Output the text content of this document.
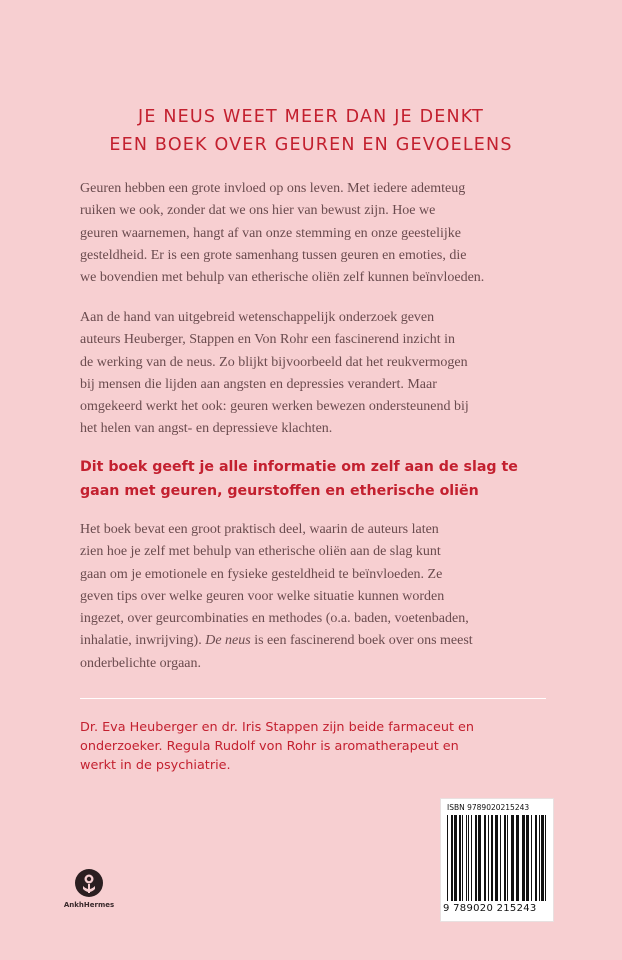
JE NEUS WEET MEER DAN JE DENKT
EEN BOEK OVER GEUREN EN GEVOELENS
Geuren hebben een grote invloed op ons leven. Met iedere ademteug
ruiken we ook, zonder dat we ons hier van bewust zijn. Hoe we
geuren waarnemen, hangt af van onze stemming en onze geestelijke
gesteldheid. Er is een grote samenhang tussen geuren en emoties, die
we bovendien met behulp van etherische oliën zelf kunnen beïnvloeden.
Aan de hand van uitgebreid wetenschappelijk onderzoek geven
auteurs Heuberger, Stappen en Von Rohr een fascinerend inzicht in
de werking van de neus. Zo blijkt bijvoorbeeld dat het reukvermogen
bij mensen die lijden aan angsten en depressies verandert. Maar
omgekeerd werkt het ook: geuren werken bewezen ondersteunend bij
het helen van angst- en depressieve klachten.
Dit boek geeft je alle informatie om zelf aan de slag te
gaan met geuren, geurstoffen en etherische oliën
Het boek bevat een groot praktisch deel, waarin de auteurs laten
zien hoe je zelf met behulp van etherische oliën aan de slag kunt
gaan om je emotionele en fysieke gesteldheid te beïnvloeden. Ze
geven tips over welke geuren voor welke situatie kunnen worden
ingezet, over geurcombinaties en methodes (o.a. baden, voetenbaden,
inhalatie, inwrijving). De neus is een fascinerend boek over ons meest
onderbelichte orgaan.
Dr. Eva Heuberger en dr. Iris Stappen zijn beide farmaceut en
onderzoeker. Regula Rudolf von Rohr is aromatherapeut en
werkt in de psychiatrie.
AnkhHermes
ISBN 9789020215243
9 789020 215243
